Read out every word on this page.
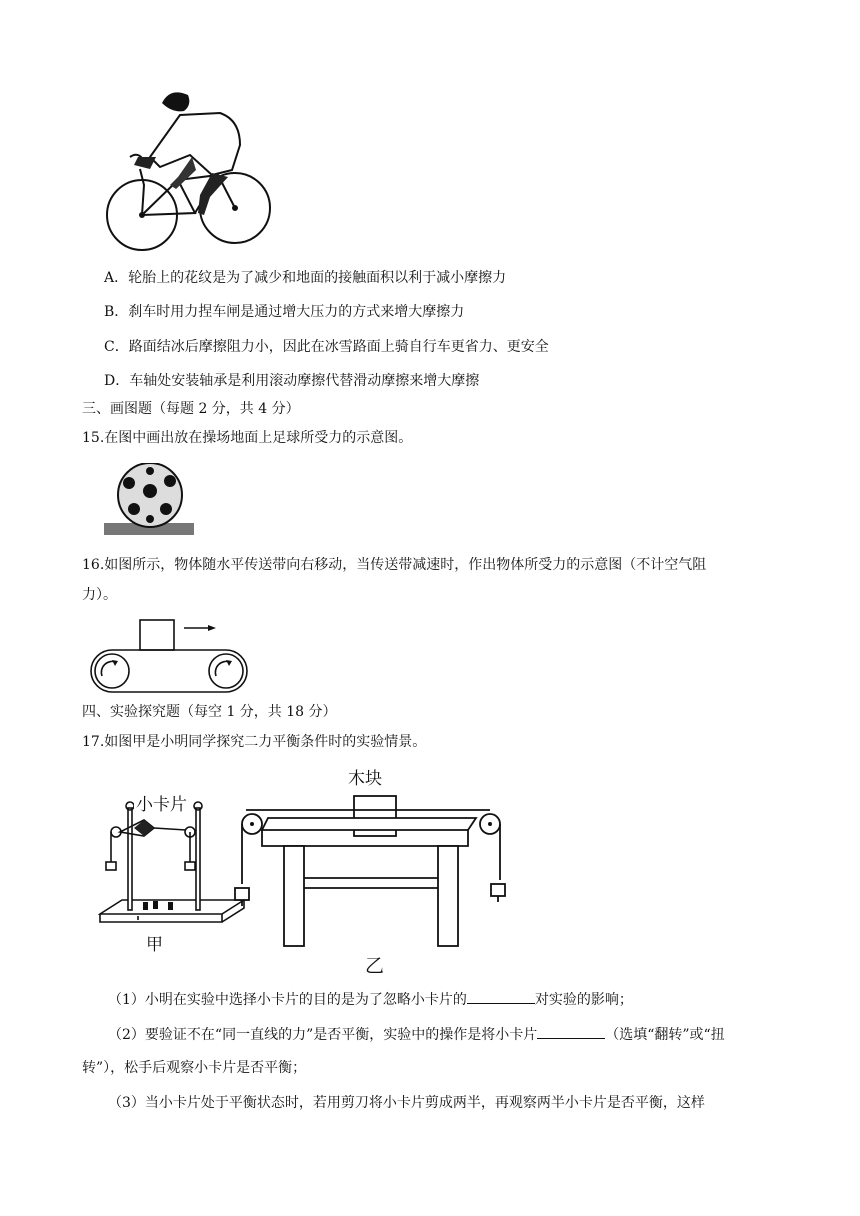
A．轮胎上的花纹是为了减少和地面的接触面积以利于减小摩擦力
B．刹车时用力捏车闸是通过增大压力的方式来增大摩擦力
C．路面结冰后摩擦阻力小，因此在冰雪路面上骑自行车更省力、更安全
D．车轴处安装轴承是利用滚动摩擦代替滑动摩擦来增大摩擦
三、画图题（每题 2 分，共 4 分）
15.在图中画出放在操场地面上足球所受力的示意图。
16.如图所示，物体随水平传送带向右移动，当传送带减速时，作出物体所受力的示意图（不计空气阻
力）。
四、实验探究题（每空 1 分，共 18 分）
17.如图甲是小明同学探究二力平衡条件时的实验情景。
小卡片
甲
木块
乙
（1）小明在实验中选择小卡片的目的是为了忽略小卡片的	对实验的影响；
（2）要验证不在“同一直线的力”是否平衡，实验中的操作是将小卡片	（选填“翻转”或“扭
转”），松手后观察小卡片是否平衡；
（3）当小卡片处于平衡状态时，若用剪刀将小卡片剪成两半，再观察两半小卡片是否平衡，这样
